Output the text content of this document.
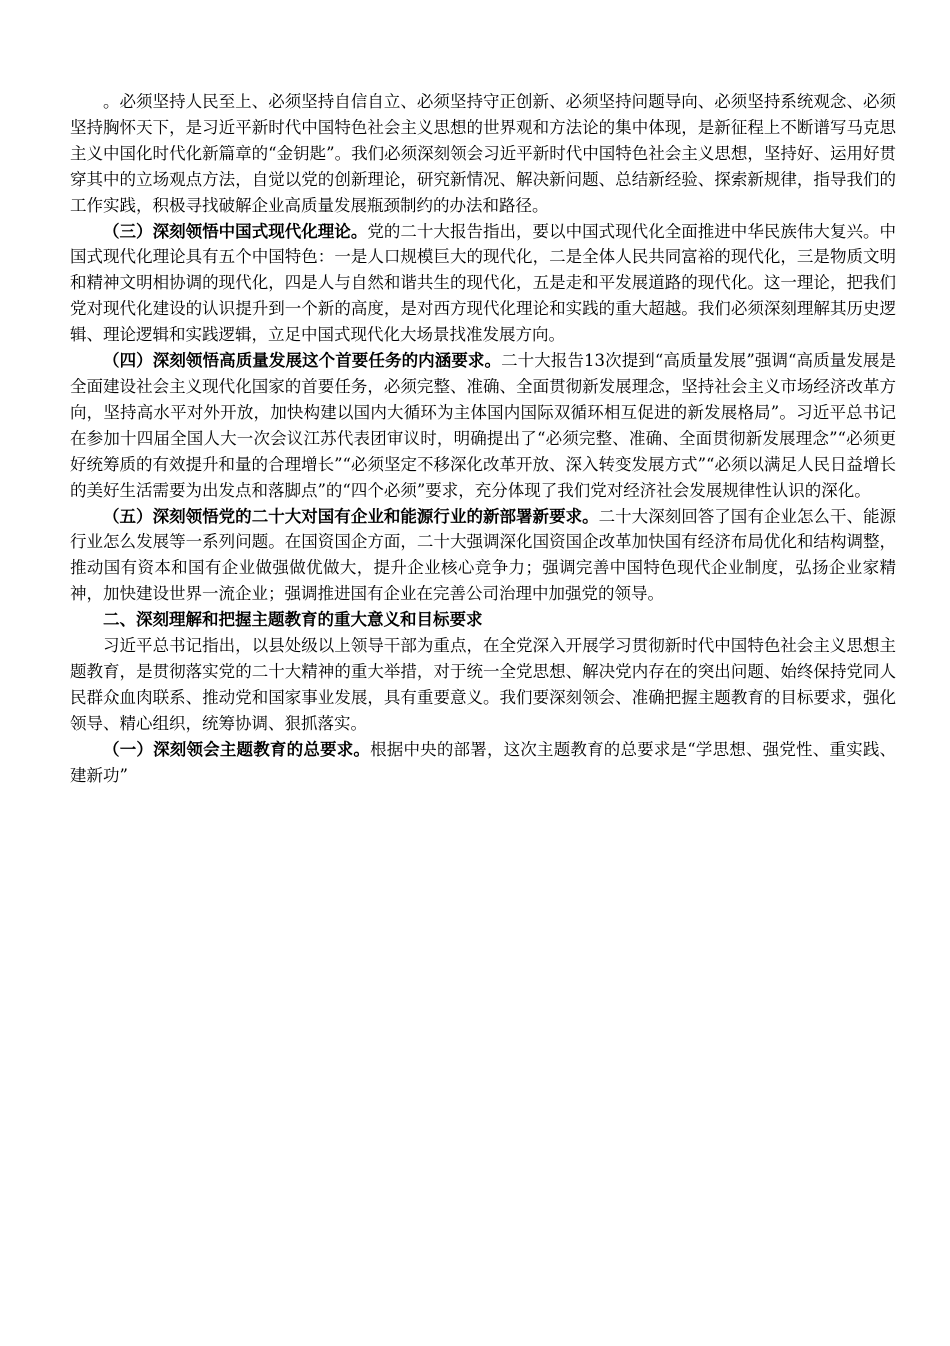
。必须坚持人民至上、必须坚持自信自立、必须坚持守正创新、必须坚持问题导向、必须坚持系统观念、必须坚持胸怀天下，是习近平新时代中国特色社会主义思想的世界观和方法论的集中体现，是新征程上不断谱写马克思主义中国化时代化新篇章的“金钥匙”。我们必须深刻领会习近平新时代中国特色社会主义思想，坚持好、运用好贯穿其中的立场观点方法，自觉以党的创新理论，研究新情况、解决新问题、总结新经验、探索新规律，指导我们的工作实践，积极寻找破解企业高质量发展瓶颈制约的办法和路径。

（三）深刻领悟中国式现代化理论。党的二十大报告指出，要以中国式现代化全面推进中华民族伟大复兴。中国式现代化理论具有五个中国特色：一是人口规模巨大的现代化，二是全体人民共同富裕的现代化，三是物质文明和精神文明相协调的现代化，四是人与自然和谐共生的现代化，五是走和平发展道路的现代化。这一理论，把我们党对现代化建设的认识提升到一个新的高度，是对西方现代化理论和实践的重大超越。我们必须深刻理解其历史逻辑、理论逻辑和实践逻辑，立足中国式现代化大场景找准发展方向。

（四）深刻领悟高质量发展这个首要任务的内涵要求。二十大报告13次提到“高质量发展”强调“高质量发展是全面建设社会主义现代化国家的首要任务，必须完整、准确、全面贯彻新发展理念，坚持社会主义市场经济改革方向，坚持高水平对外开放，加快构建以国内大循环为主体国内国际双循环相互促进的新发展格局”。习近平总书记在参加十四届全国人大一次会议江苏代表团审议时，明确提出了“必须完整、准确、全面贯彻新发展理念”“必须更好统筹质的有效提升和量的合理增长”“必须坚定不移深化改革开放、深入转变发展方式”“必须以满足人民日益增长的美好生活需要为出发点和落脚点”的“四个必须”要求，充分体现了我们党对经济社会发展规律性认识的深化。

（五）深刻领悟党的二十大对国有企业和能源行业的新部署新要求。二十大深刻回答了国有企业怎么干、能源行业怎么发展等一系列问题。在国资国企方面，二十大强调深化国资国企改革加快国有经济布局优化和结构调整，推动国有资本和国有企业做强做优做大，提升企业核心竞争力；强调完善中国特色现代企业制度，弘扬企业家精神，加快建设世界一流企业；强调推进国有企业在完善公司治理中加强党的领导。

二、深刻理解和把握主题教育的重大意义和目标要求

习近平总书记指出，以县处级以上领导干部为重点，在全党深入开展学习贯彻新时代中国特色社会主义思想主题教育，是贯彻落实党的二十大精神的重大举措，对于统一全党思想、解决党内存在的突出问题、始终保持党同人民群众血肉联系、推动党和国家事业发展，具有重要意义。我们要深刻领会、准确把握主题教育的目标要求，强化领导、精心组织，统筹协调、狠抓落实。

（一）深刻领会主题教育的总要求。根据中央的部署，这次主题教育的总要求是“学思想、强党性、重实践、建新功”
